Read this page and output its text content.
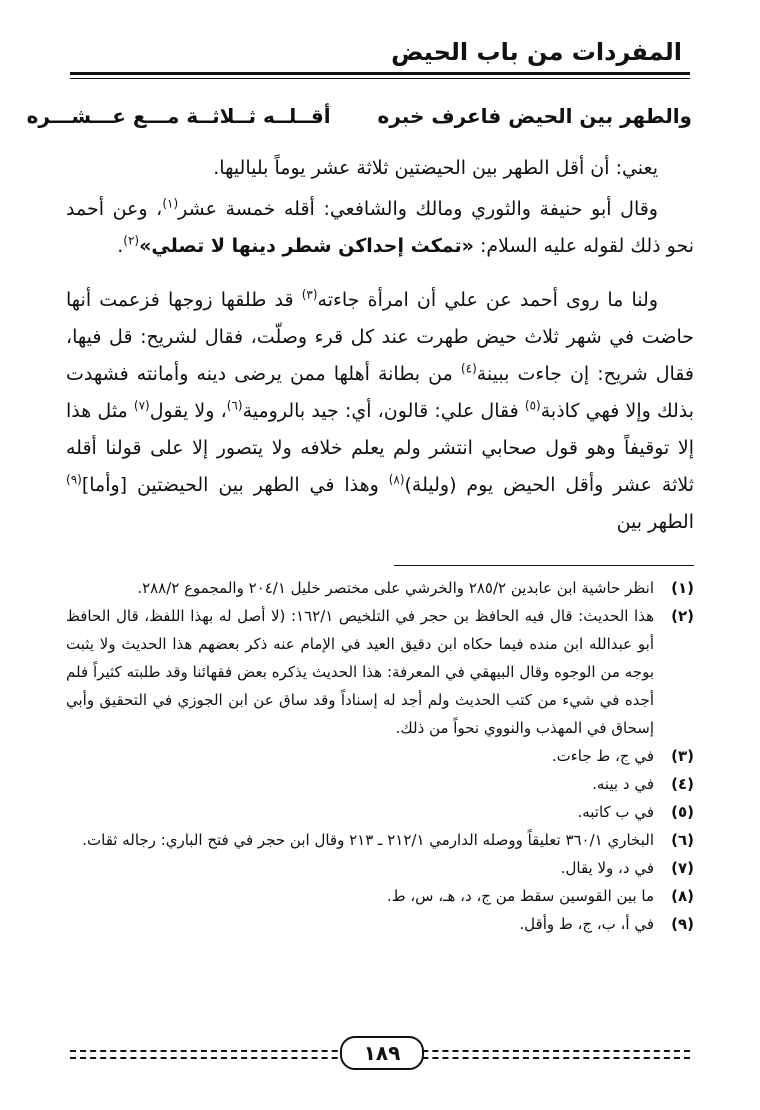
المفردات من باب الحيض
والطهر بين الحيض فاعرف خبره أقــلــه ثــلاثــة مـــع عـــشـــره

يعني: أن أقل الطهر بين الحيضتين ثلاثة عشر يوماً بلياليها.

وقال أبو حنيفة والثوري ومالك والشافعي: أقله خمسة عشر$^{(١)}$، وعن أحمد نحو ذلك لقوله عليه السلام: «تمكث إحداكن شطر دينها لا تصلي»$^{(٢)}$.

ولنا ما روى أحمد عن علي أن امرأة جاءته$^{(٣)}$ قد طلقها زوجها فزعمت أنها حاضت في شهر ثلاث حيض طهرت عند كل قرء وصلّت، فقال لشريح: قل فيها، فقال شريح: إن جاءت ببينة$^{(٤)}$ من بطانة أهلها ممن يرضى دينه وأمانته فشهدت بذلك وإلا فهي كاذبة$^{(٥)}$ فقال علي: قالون، أي: جيد بالرومية$^{(٦)}$، ولا يقول$^{(٧)}$ مثل هذا إلا توقيفاً وهو قول صحابي انتشر ولم يعلم خلافه ولا يتصور إلا على قولنا أقله ثلاثة عشر وأقل الحيض يوم (وليلة)$^{(٨)}$ وهذا في الطهر بين الحيضتين [وأما]$^{(٩)}$ الطهر بين

(١)
انظر حاشية ابن عابدين ٢٨٥/٢ والخرشي على مختصر خليل ٢٠٤/١ والمجموع ٢٨٨/٢.
(٢)
هذا الحديث: قال فيه الحافظ بن حجر في التلخيص ١٦٢/١: (لا أصل له بهذا اللفظ، قال الحافظ أبو عبدالله ابن منده فيما حكاه ابن دقيق العيد في الإمام عنه ذكر بعضهم هذا الحديث ولا يثبت بوجه من الوجوه وقال البيهقي في المعرفة: هذا الحديث يذكره بعض فقهائنا وقد طلبته كثيراً فلم أجده في شيء من كتب الحديث ولم أجد له إسناداً وقد ساق عن ابن الجوزي في التحقيق وأبي إسحاق في المهذب والنووي نحواً من ذلك.
(٣)
في ج، ط جاءت.
(٤)
في د بينه.
(٥)
في ب كاتبه.
(٦)
البخاري ٣٦٠/١ تعليقاً ووصله الدارمي ٢١٢/١ ـ ٢١٣ وقال ابن حجر في فتح الباري: رجاله ثقات.
(٧)
في د، ولا يقال.
(٨)
ما بين القوسين سقط من ج، د، هـ، س، ط.
(٩)
في أ، ب، ج، ط وأقل.
١٨٩
